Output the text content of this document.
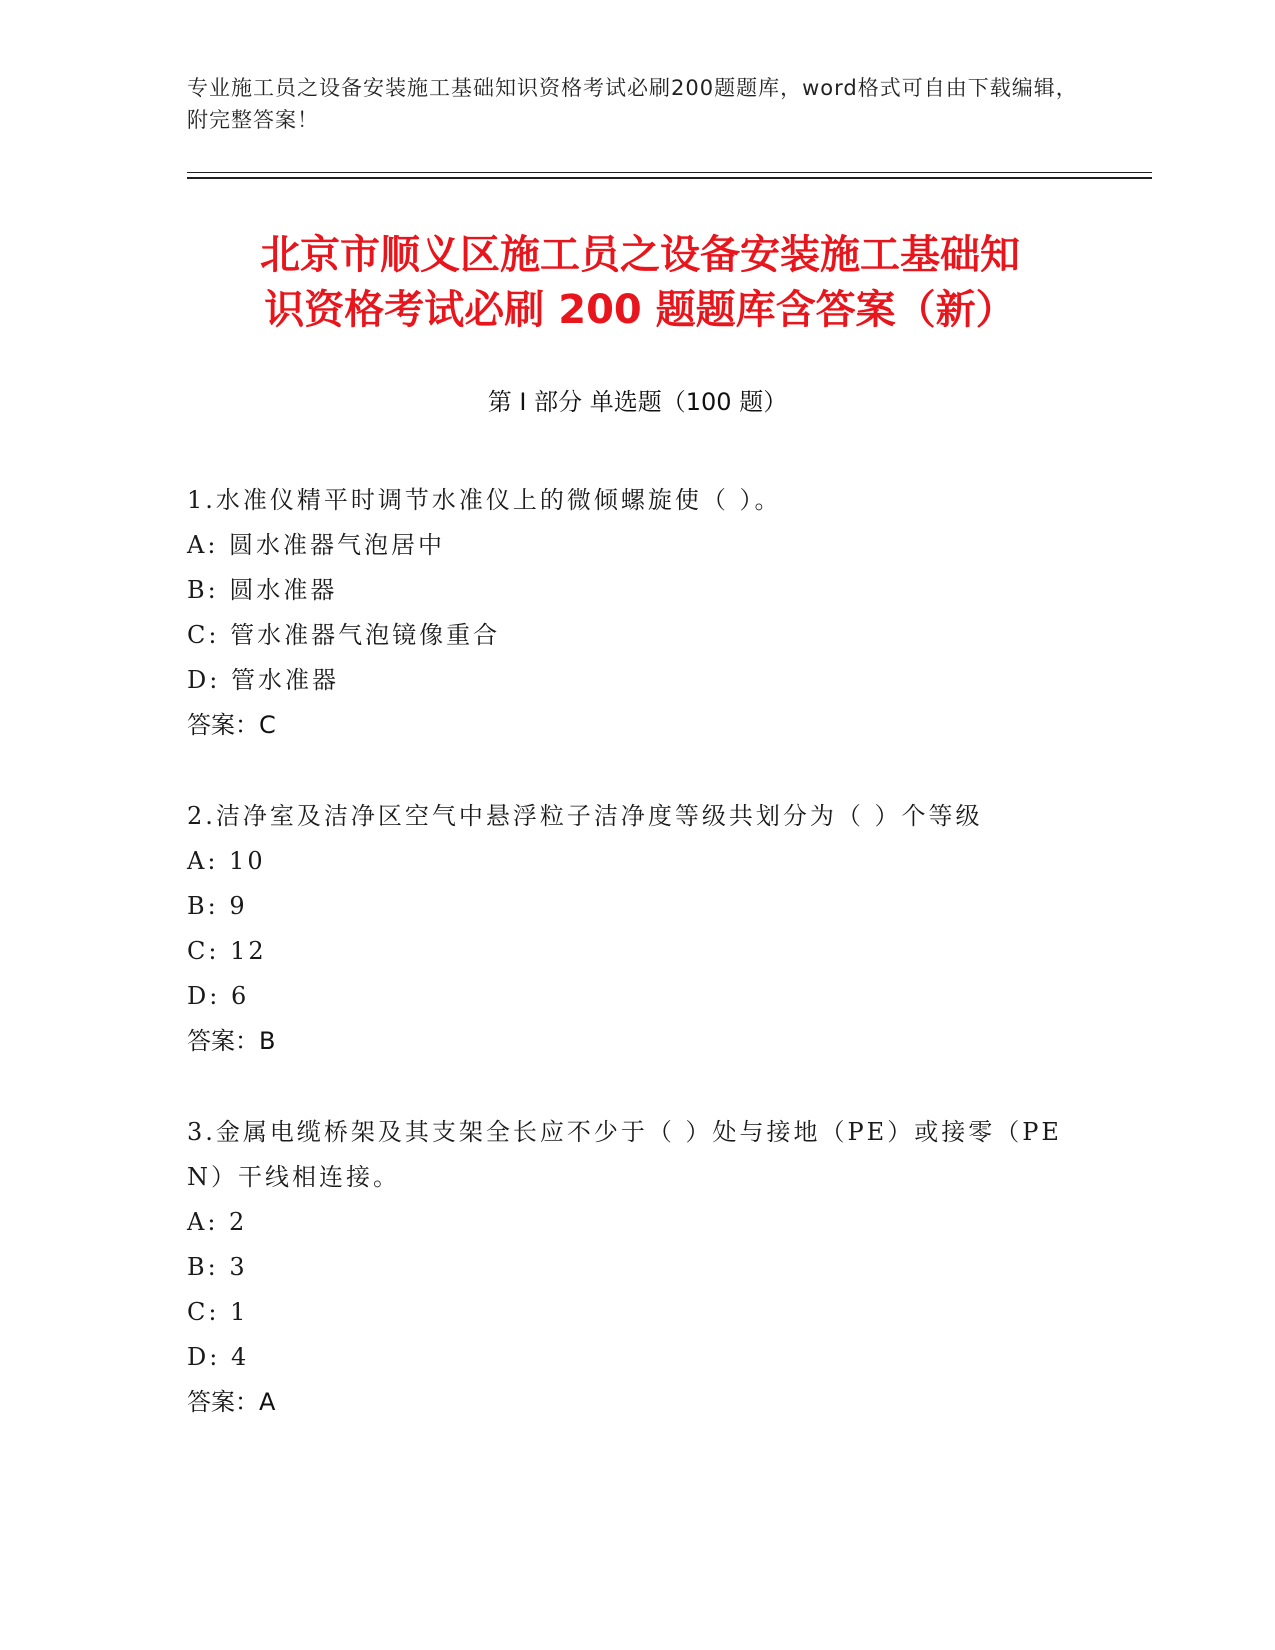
专业施工员之设备安装施工基础知识资格考试必刷200题题库，word格式可自由下载编辑，附完整答案！
北京市顺义区施工员之设备安装施工基础知
识资格考试必刷 200 题题库含答案（新）
第 I 部分 单选题（100 题）
1.水准仪精平时调节水准仪上的微倾螺旋使（ ）。
A: 圆水准器气泡居中
B: 圆水准器
C: 管水准器气泡镜像重合
D: 管水准器
答案：C
2.洁净室及洁净区空气中悬浮粒子洁净度等级共划分为（ ）个等级
A: 10
B: 9
C: 12
D: 6
答案：B
3.金属电缆桥架及其支架全长应不少于（ ）处与接地（PE）或接零（PEN）干线相连接。
A: 2
B: 3
C: 1
D: 4
答案：A
